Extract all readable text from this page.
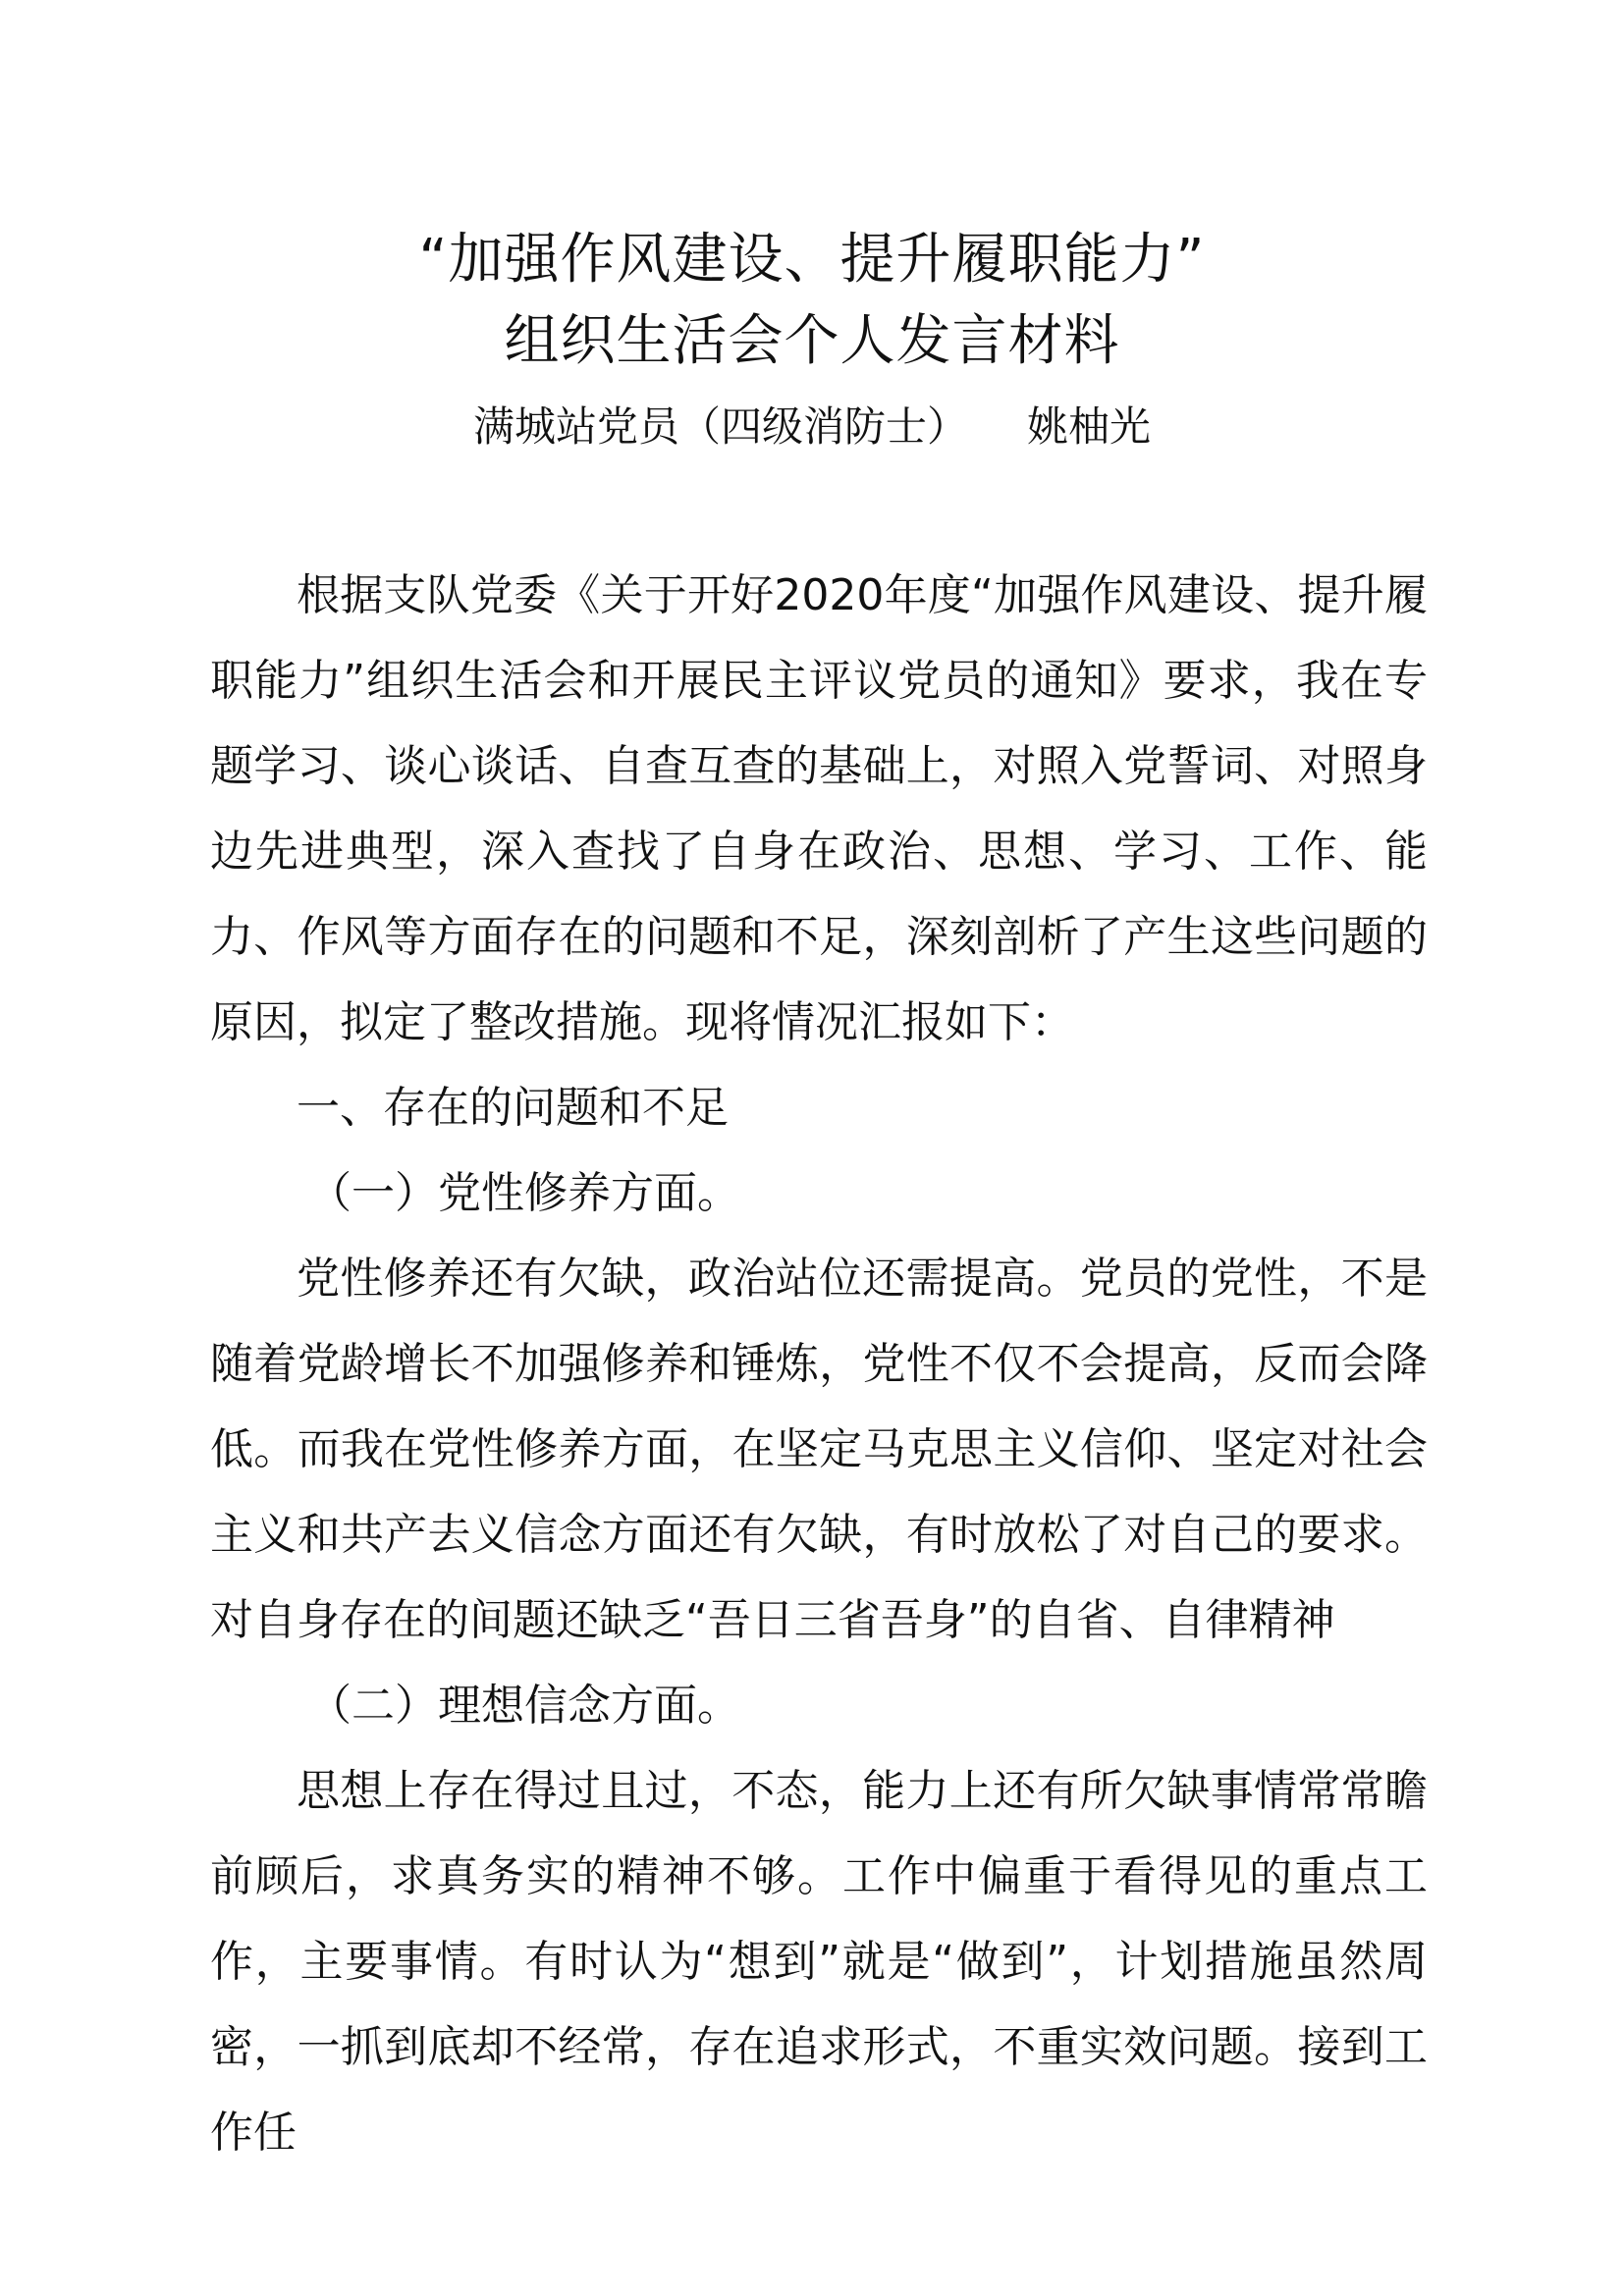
“加强作风建设、提升履职能力”
组织生活会个人发言材料
满城站党员（四级消防士） 姚柚光

根据支队党委《关于开好2020年度“加强作风建设、提升履职能力”组织生活会和开展民主评议党员的通知》要求，我在专题学习、谈心谈话、自查互查的基础上，对照入党誓词、对照身边先进典型，深入查找了自身在政治、思想、学习、工作、能力、作风等方面存在的问题和不足，深刻剖析了产生这些问题的原因，拟定了整改措施。现将情况汇报如下：

一、存在的问题和不足

（一）党性修养方面。

党性修养还有欠缺，政治站位还需提高。党员的党性，不是随着党龄增长不加强修养和锤炼，党性不仅不会提高，反而会降低。而我在党性修养方面，在坚定马克思主义信仰、坚定对社会主义和共产去义信念方面还有欠缺，有时放松了对自己的要求。对自身存在的间题还缺乏“吾日三省吾身”的自省、自律精神

（二）理想信念方面。

思想上存在得过且过，不态，能力上还有所欠缺事情常常瞻前顾后，求真务实的精神不够。工作中偏重于看得见的重点工作，主要事情。有时认为“想到”就是“做到”，计划措施虽然周密，一抓到底却不经常，存在追求形式，不重实效问题。接到工作任
